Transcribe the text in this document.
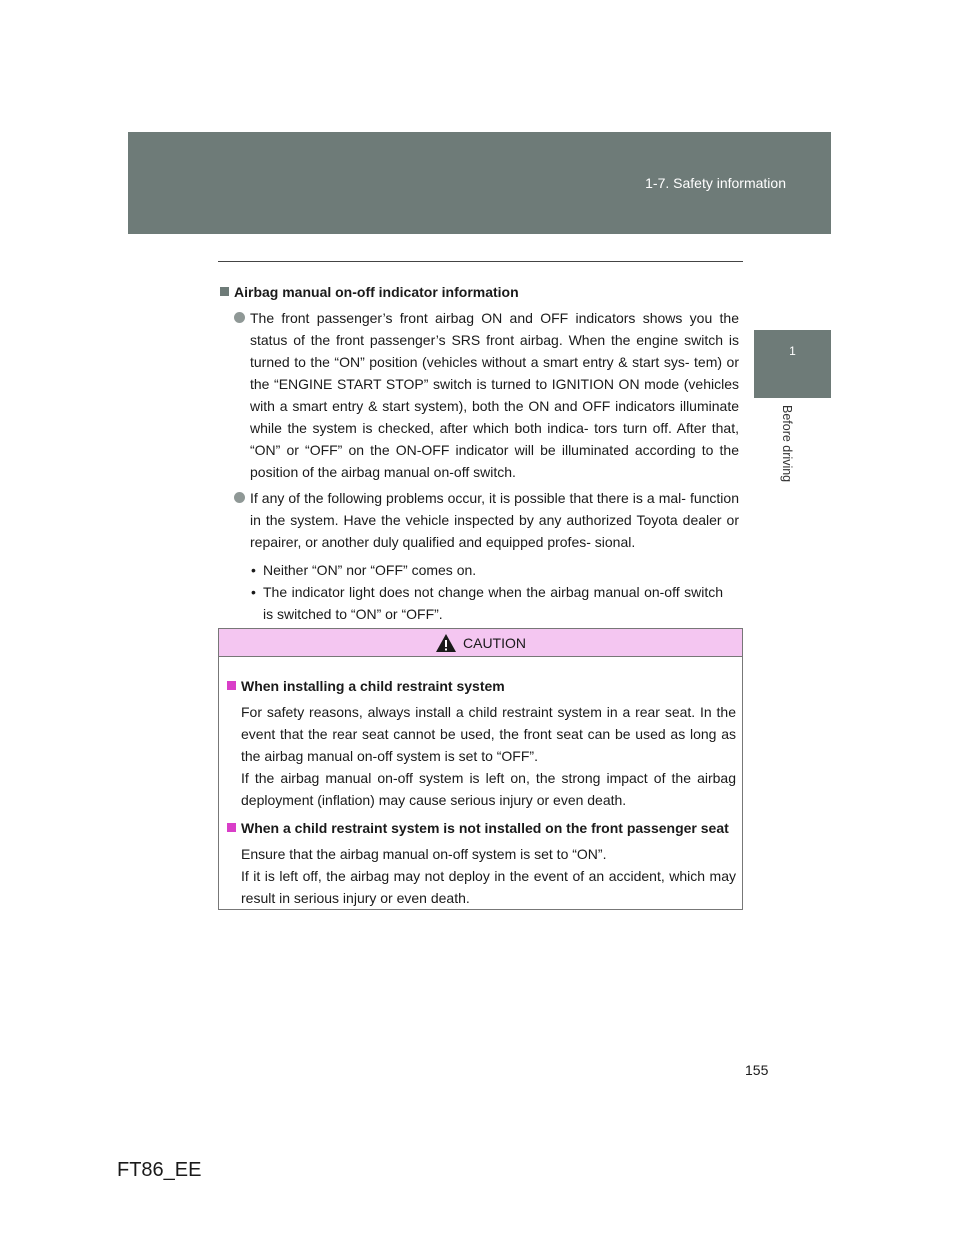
1-7. Safety information
1
Before driving
Airbag manual on-off indicator information
The front passenger’s front airbag ON and OFF indicators shows you the status of the front passenger’s SRS front airbag. When the engine switch is turned to the “ON” position (vehicles without a smart entry & start sys- tem) or the “ENGINE START STOP” switch is turned to IGNITION ON mode (vehicles with a smart entry & start system), both the ON and OFF indicators illuminate while the system is checked, after which both indica- tors turn off. After that, “ON” or “OFF” on the ON-OFF indicator will be illuminated according to the position of the airbag manual on-off switch.
If any of the following problems occur, it is possible that there is a mal- function in the system. Have the vehicle inspected by any authorized Toyota dealer or repairer, or another duly qualified and equipped profes- sional.
• Neither “ON” nor “OFF” comes on.
• The indicator light does not change when the airbag manual on-off switch is switched to “ON” or “OFF”.
CAUTION
When installing a child restraint system
For safety reasons, always install a child restraint system in a rear seat. In the event that the rear seat cannot be used, the front seat can be used as long as the airbag manual on-off system is set to “OFF”.
If the airbag manual on-off system is left on, the strong impact of the airbag deployment (inflation) may cause serious injury or even death.
When a child restraint system is not installed on the front passenger seat
Ensure that the airbag manual on-off system is set to “ON”.
If it is left off, the airbag may not deploy in the event of an accident, which may result in serious injury or even death.
155
FT86_EE
